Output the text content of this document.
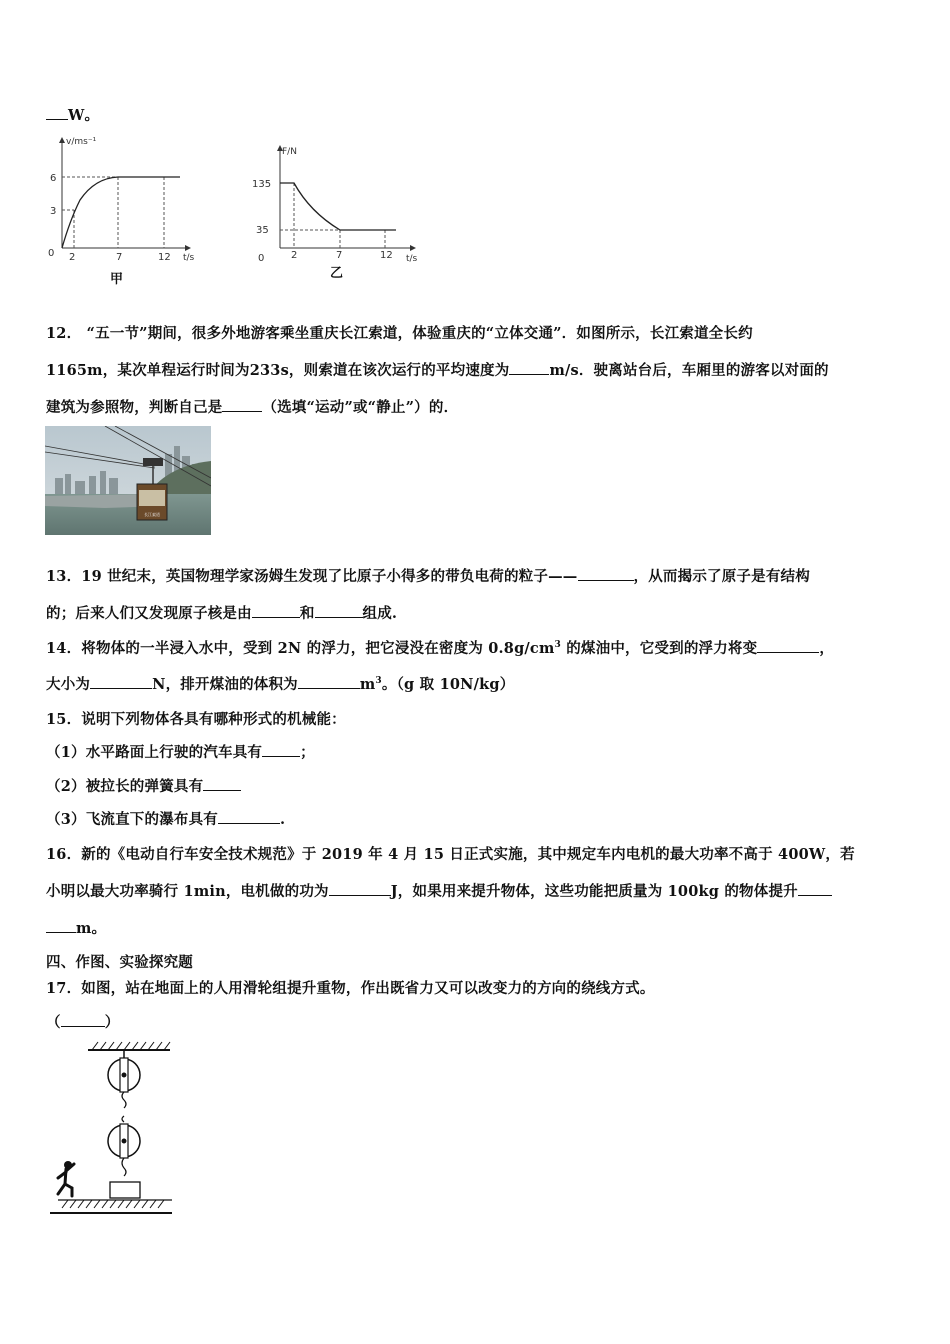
W。
v/ms⁻¹
t/s
6
3
0 2	7	12
甲
F/N
t/s
135
35
0	2	7	12
乙
12． “五一节”期间，很多外地游客乘坐重庆长江索道，体验重庆的“立体交通”．如图所示，长江索道全长约
1165m，某次单程运行时间为233s，则索道在该次运行的平均速度为	m/s．驶离站台后，车厢里的游客以对面的
建筑为参照物，判断自己是	（选填“运动”或“静止”）的．
长江索道
13．19 世纪末，英国物理学家汤姆生发现了比原子小得多的带负电荷的粒子——	，从而揭示了原子是有结构
的；后来人们又发现原子核是由	和	组成.
14．将物体的一半浸入水中，受到 2N 的浮力，把它浸没在密度为 $0.8g/cm^3$ 的煤油中，它受到的浮力将变	，
大小为	N，排开煤油的体积为	$m^3$。（g 取 10N/kg）
15．说明下列物体各具有哪种形式的机械能：
（1）水平路面上行驶的汽车具有	；
（2）被拉长的弹簧具有
（3）飞流直下的瀑布具有	.
16．新的《电动自行车安全技术规范》于 2019 年 4 月 15 日正式实施，其中规定车内电机的最大功率不高于 400W，若
小明以最大功率骑行 1min，电机做的功为	J，如果用来提升物体，这些功能把质量为 100kg 的物体提升
m。
四、作图、实验探究题
17．如图，站在地面上的人用滑轮组提升重物，作出既省力又可以改变力的方向的绕线方式。
（	）
